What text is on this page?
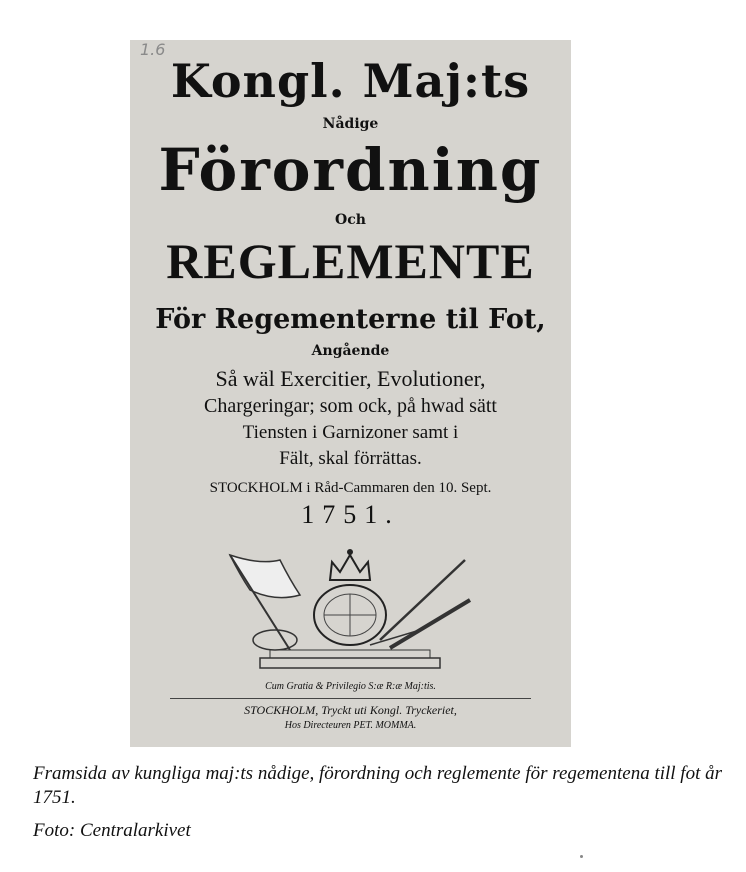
1.6
Kongl. Maj:ts
Nådige
Förordning
Och
REGLEMENTE
För Regementerne til Fot,
Angående
Så wäl Exercitier, Evolutioner,
Chargeringar; som ock, på hwad sätt
Tiensten i Garnizoner samt i
Fält, skal förrättas.
STOCKHOLM i Råd-Cammaren den 10. Sept.
1751.
Cum Gratia & Privilegio S:æ R:æ Maj:tis.
STOCKHOLM, Tryckt uti Kongl. Tryckeriet,
Hos Directeuren PET. MOMMA.
Framsida av kungliga maj:ts nådige, förordning och reglemente för regementena till fot år 1751.
Foto: Centralarkivet
